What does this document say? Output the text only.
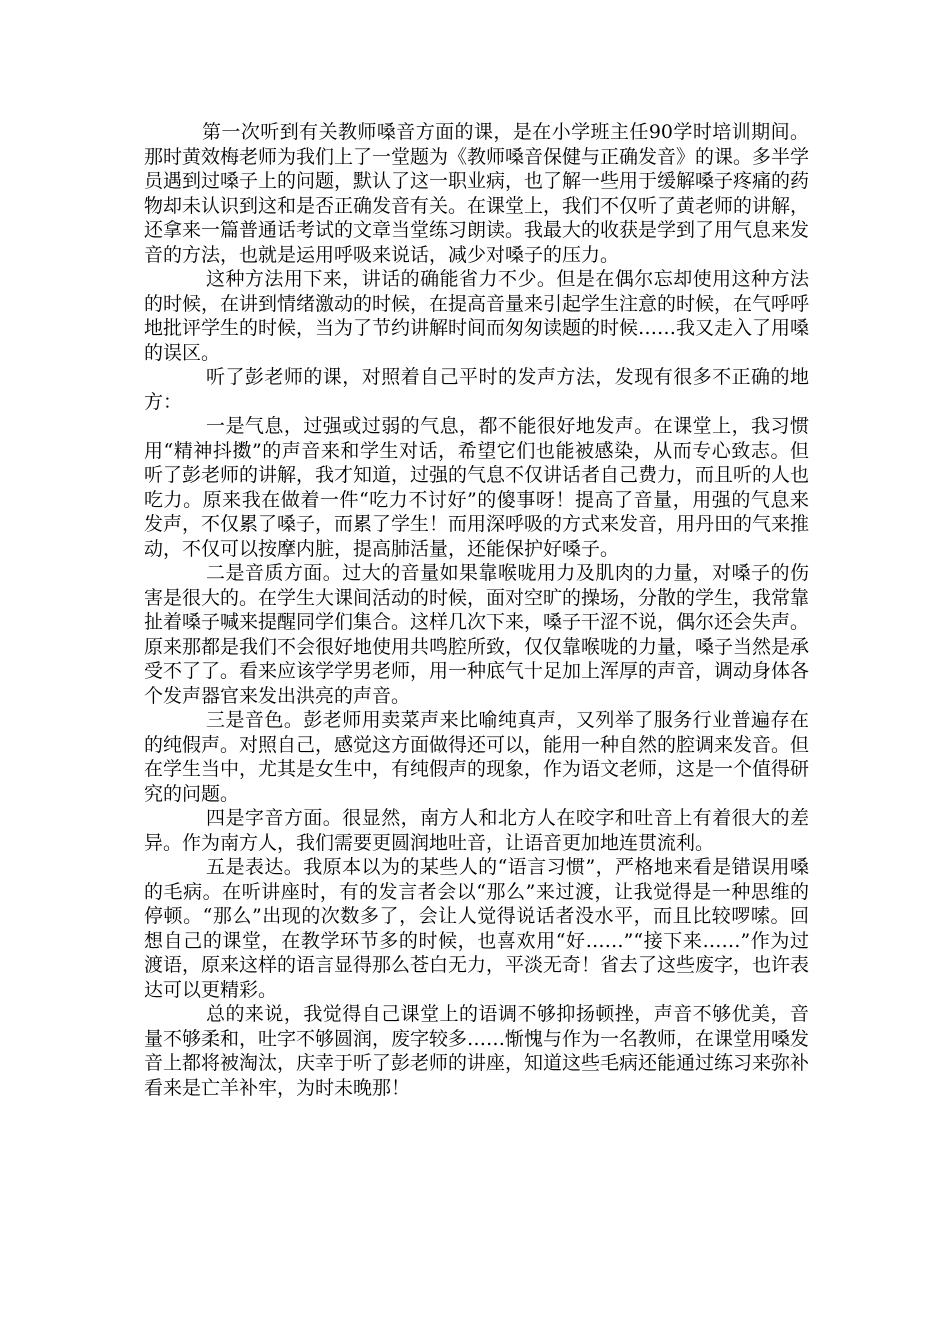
第一次听到有关教师嗓音方面的课，是在小学班主任90学时培训期间。那时黄效梅老师为我们上了一堂题为《教师嗓音保健与正确发音》的课。多半学员遇到过嗓子上的问题，默认了这一职业病，也了解一些用于缓解嗓子疼痛的药物却未认识到这和是否正确发音有关。在课堂上，我们不仅听了黄老师的讲解，还拿来一篇普通话考试的文章当堂练习朗读。我最大的收获是学到了用气息来发音的方法，也就是运用呼吸来说话，减少对嗓子的压力。

这种方法用下来，讲话的确能省力不少。但是在偶尔忘却使用这种方法的时候，在讲到情绪激动的时候，在提高音量来引起学生注意的时候，在气呼呼地批评学生的时候，当为了节约讲解时间而匆匆读题的时候……我又走入了用嗓的误区。

听了彭老师的课，对照着自己平时的发声方法，发现有很多不正确的地方：

一是气息，过强或过弱的气息，都不能很好地发声。在课堂上，我习惯用“精神抖擞”的声音来和学生对话，希望它们也能被感染，从而专心致志。但听了彭老师的讲解，我才知道，过强的气息不仅讲话者自己费力，而且听的人也吃力。原来我在做着一件“吃力不讨好”的傻事呀！提高了音量，用强的气息来发声，不仅累了嗓子，而累了学生！而用深呼吸的方式来发音，用丹田的气来推动，不仅可以按摩内脏，提高肺活量，还能保护好嗓子。

二是音质方面。过大的音量如果靠喉咙用力及肌肉的力量，对嗓子的伤害是很大的。在学生大课间活动的时候，面对空旷的操场，分散的学生，我常靠扯着嗓子喊来提醒同学们集合。这样几次下来，嗓子干涩不说，偶尔还会失声。原来那都是我们不会很好地使用共鸣腔所致，仅仅靠喉咙的力量，嗓子当然是承受不了了。看来应该学学男老师，用一种底气十足加上浑厚的声音，调动身体各个发声器官来发出洪亮的声音。

三是音色。彭老师用卖菜声来比喻纯真声，又列举了服务行业普遍存在的纯假声。对照自己，感觉这方面做得还可以，能用一种自然的腔调来发音。但在学生当中，尤其是女生中，有纯假声的现象，作为语文老师，这是一个值得研究的问题。

四是字音方面。很显然，南方人和北方人在咬字和吐音上有着很大的差异。作为南方人，我们需要更圆润地吐音，让语音更加地连贯流利。

五是表达。我原本以为的某些人的“语言习惯”，严格地来看是错误用嗓的毛病。在听讲座时，有的发言者会以“那么”来过渡，让我觉得是一种思维的停顿。“那么”出现的次数多了，会让人觉得说话者没水平，而且比较啰嗦。回想自己的课堂，在教学环节多的时候，也喜欢用“好……”“接下来……”作为过渡语，原来这样的语言显得那么苍白无力，平淡无奇！省去了这些废字，也许表达可以更精彩。

总的来说，我觉得自己课堂上的语调不够抑扬顿挫，声音不够优美，音量不够柔和，吐字不够圆润，废字较多……惭愧与作为一名教师，在课堂用嗓发音上都将被淘汰，庆幸于听了彭老师的讲座，知道这些毛病还能通过练习来弥补看来是亡羊补牢，为时未晚那！
